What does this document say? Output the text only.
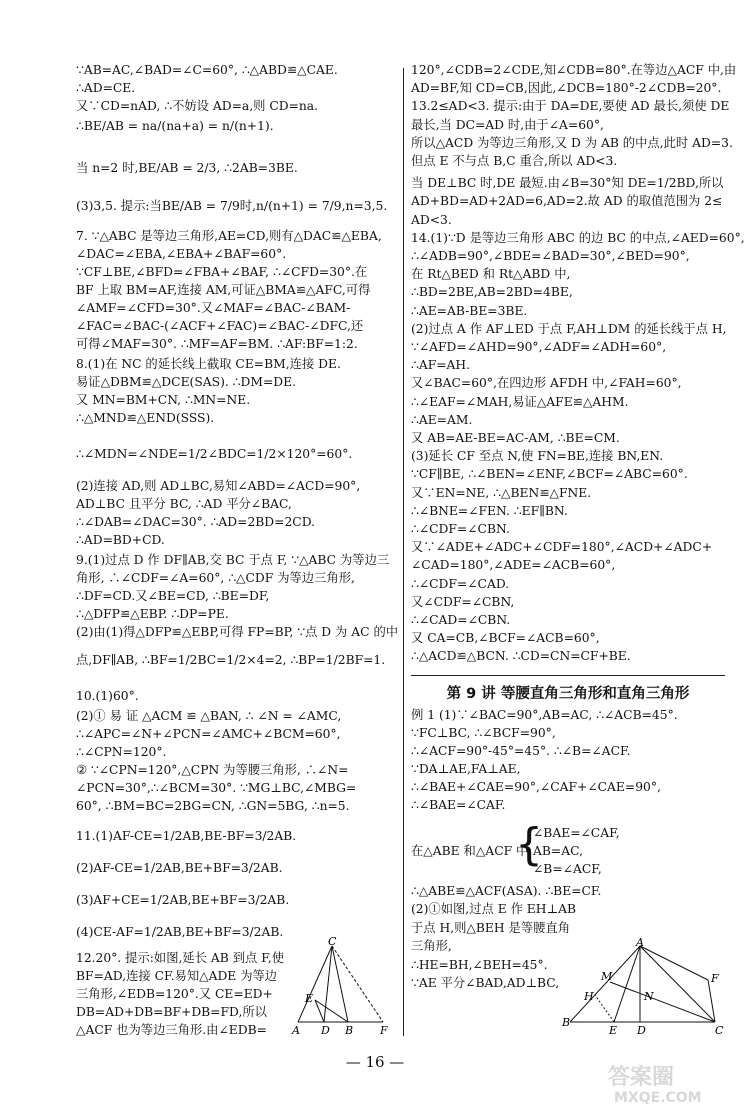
∵AB=AC,∠BAD=∠C=60°, ∴△ABD≌△CAE.
∴AD=CE.
又∵CD=nAD, ∴不妨设 AD=a,则 CD=na.
∴BE/AB = na/(na+a) = n/(n+1).
当 n=2 时,BE/AB = 2/3, ∴2AB=3BE.
(3)3,5. 提示:当BE/AB = 7/9时,n/(n+1) = 7/9,n=3,5.
7. ∵△ABC 是等边三角形,AE=CD,则有△DAC≌△EBA,
∠DAC=∠EBA,∠EBA+∠BAF=60°.
∵CF⊥BE,∠BFD=∠FBA+∠BAF, ∴∠CFD=30°.在
BF 上取 BM=AF,连接 AM,可证△BMA≌△AFC,可得
∠AMF=∠CFD=30°.又∠MAF=∠BAC-∠BAM-
∠FAC=∠BAC-(∠ACF+∠FAC)=∠BAC-∠DFC,还
可得∠MAF=30°. ∴MF=AF=BM. ∴AF:BF=1:2.
8.(1)在 NC 的延长线上截取 CE=BM,连接 DE.
易证△DBM≌△DCE(SAS). ∴DM=DE.
又 MN=BM+CN, ∴MN=NE.
∴△MND≌△END(SSS).
∴∠MDN=∠NDE=1/2∠BDC=1/2×120°=60°.
(2)连接 AD,则 AD⊥BC,易知∠ABD=∠ACD=90°,
AD⊥BC 且平分 BC, ∴AD 平分∠BAC,
∴∠DAB=∠DAC=30°. ∴AD=2BD=2CD.
∴AD=BD+CD.
9.(1)过点 D 作 DF∥AB,交 BC 于点 F, ∵△ABC 为等边三
角形, ∴∠CDF=∠A=60°, ∴△CDF 为等边三角形,
∴DF=CD.又∠BE=CD, ∴BE=DF,
∴△DFP≌△EBP. ∴DP=PE.
(2)由(1)得△DFP≌△EBP,可得 FP=BP, ∵点 D 为 AC 的中
点,DF∥AB, ∴BF=1/2BC=1/2×4=2, ∴BP=1/2BF=1.
10.(1)60°.
(2)① 易 证 △ACM ≌ △BAN, ∴ ∠N = ∠AMC,
∴∠APC=∠N+∠PCN=∠AMC+∠BCM=60°,
∴∠CPN=120°.
② ∵∠CPN=120°,△CPN 为等腰三角形, ∴∠N=
∠PCN=30°,∴∠BCM=30°. ∵MG⊥BC,∠MBG=
60°, ∴BM=BC=2BG=CN, ∴GN=5BG, ∴n=5.
11.(1)AF-CE=1/2AB,BE-BF=3/2AB.
(2)AF-CE=1/2AB,BE+BF=3/2AB.
(3)AF+CE=1/2AB,BE+BF=3/2AB.
(4)CE-AF=1/2AB,BE+BF=3/2AB.
12.20°. 提示:如图,延长 AB 到点 F,使
BF=AD,连接 CF.易知△ADE 为等边
三角形,∠EDB=120°.又 CE=ED+
DB=AD+DB=BF+DB=FD,所以
△ACF 也为等边三角形.由∠EDB=
120°,∠CDB=2∠CDE,知∠CDB=80°.在等边△ACF 中,由
AD=BF,知 CD=CB,因此,∠DCB=180°-2∠CDB=20°.
13.2≤AD<3. 提示:由于 DA=DE,要使 AD 最长,须使 DE
最长,当 DC=AD 时,由于∠A=60°,
所以△ACD 为等边三角形,又 D 为 AB 的中点,此时 AD=3.
但点 E 不与点 B,C 重合,所以 AD<3.
当 DE⊥BC 时,DE 最短.由∠B=30°知 DE=1/2BD,所以
AD+BD=AD+2AD=6,AD=2.故 AD 的取值范围为 2≤
AD<3.
14.(1)∵D 是等边三角形 ABC 的边 BC 的中点,∠AED=60°,
∴∠ADB=90°,∠BDE=∠BAD=30°,∠BED=90°,
在 Rt△BED 和 Rt△ABD 中,
∴BD=2BE,AB=2BD=4BE,
∴AE=AB-BE=3BE.
(2)过点 A 作 AF⊥ED 于点 F,AH⊥DM 的延长线于点 H,
∵∠AFD=∠AHD=90°,∠ADF=∠ADH=60°,
∴AF=AH.
又∠BAC=60°,在四边形 AFDH 中,∠FAH=60°,
∴∠EAF=∠MAH,易证△AFE≌△AHM.
∴AE=AM.
又 AB=AE-BE=AC-AM, ∴BE=CM.
(3)延长 CF 至点 N,使 FN=BE,连接 BN,EN.
∵CF∥BE, ∴∠BEN=∠ENF,∠BCF=∠ABC=60°.
又∵EN=NE, ∴△BEN≌△FNE.
∴∠BNE=∠FEN. ∴EF∥BN.
∴∠CDF=∠CBN.
又∵∠ADE+∠ADC+∠CDF=180°,∠ACD+∠ADC+
∠CAD=180°,∠ADE=∠ACB=60°,
∴∠CDF=∠CAD.
又∠CDF=∠CBN,
∴∠CAD=∠CBN.
又 CA=CB,∠BCF=∠ACB=60°,
∴△ACD≌△BCN. ∴CD=CN=CF+BE.
第 9 讲 等腰直角三角形和直角三角形
例 1 (1)∵∠BAC=90°,AB=AC, ∴∠ACB=45°.
∵FC⊥BC, ∴∠BCF=90°,
∴∠ACF=90°-45°=45°. ∴∠B=∠ACF.
∵DA⊥AE,FA⊥AE,
∴∠BAE+∠CAE=90°,∠CAF+∠CAE=90°,
∴∠BAE=∠CAF.
在△ABE 和△ACF 中,
{
∠BAE=∠CAF,
AB=AC,
∠B=∠ACF,
∴△ABE≌△ACF(ASA). ∴BE=CF.
(2)①如图,过点 E 作 EH⊥AB
于点 H,则△BEH 是等腰直角
三角形,
∴HE=BH,∠BEH=45°.
∵AE 平分∠BAD,AD⊥BC,
C
E
A D B F
A
M	F
H	N
B
E D	C
— 16 —
答案圈
MXQE.COM
